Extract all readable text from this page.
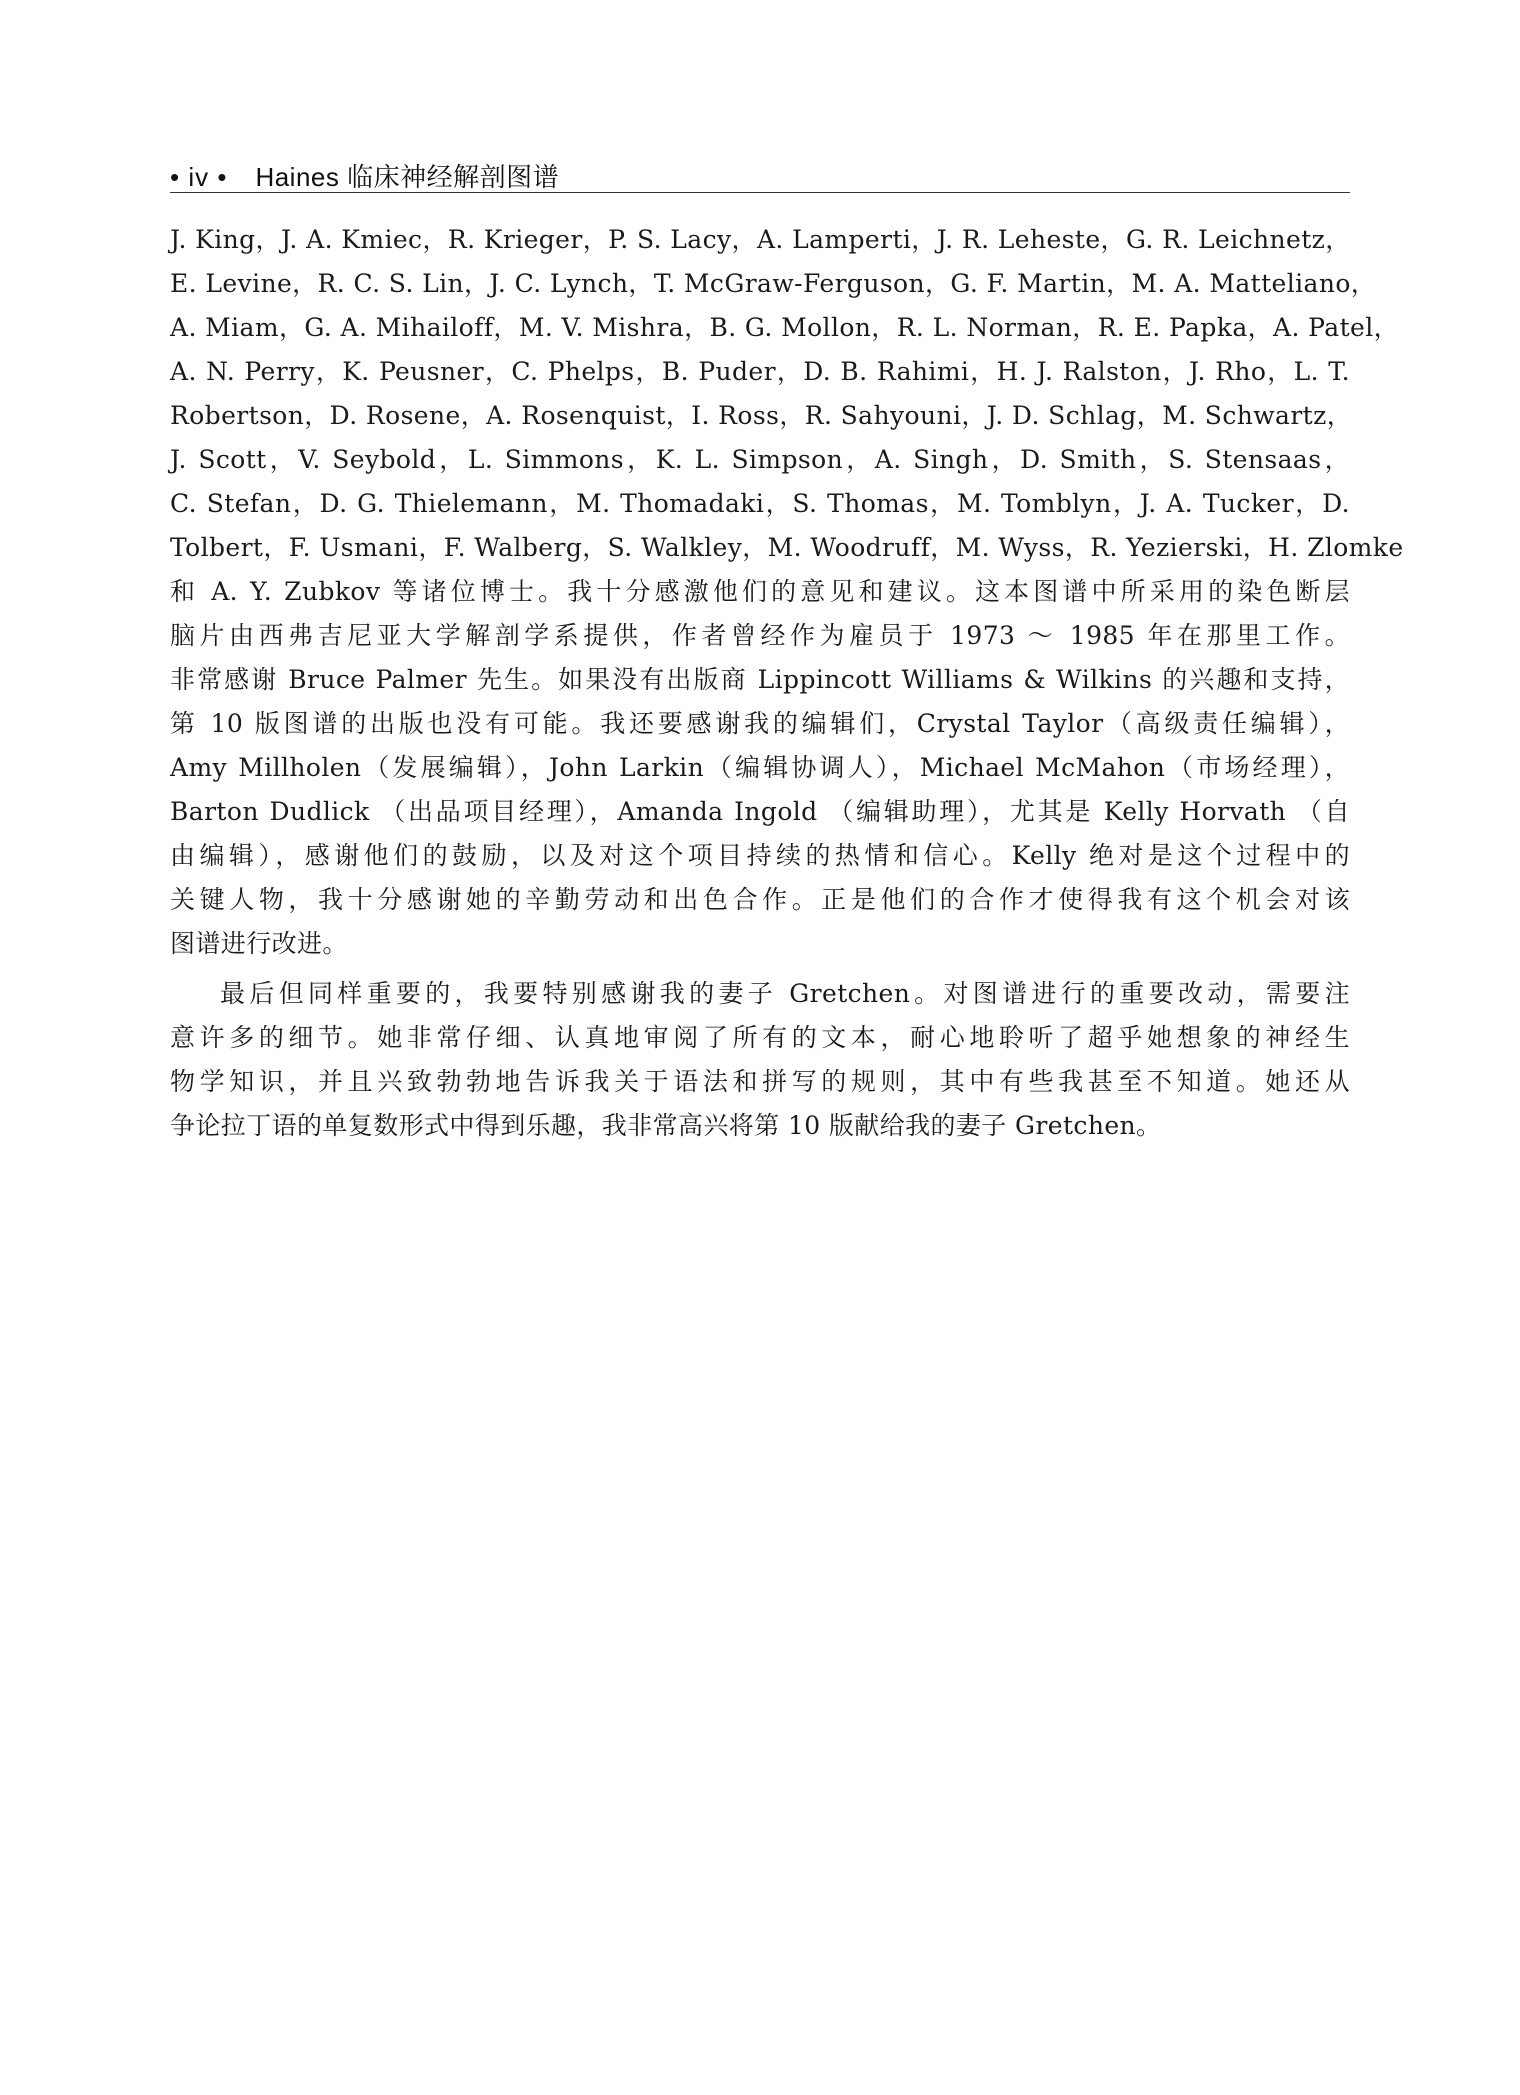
• iv • Haines 临床神经解剖图谱

J. King，J. A. Kmiec，R. Krieger，P. S. Lacy，A. Lamperti，J. R. Leheste，G. R. Leichnetz，
E. Levine，R. C. S. Lin，J. C. Lynch，T. McGraw-Ferguson，G. F. Martin，M. A. Matteliano，
A. Miam，G. A. Mihailoff，M. V. Mishra，B. G. Mollon，R. L. Norman，R. E. Papka，A. Patel，
A. N. Perry，K. Peusner，C. Phelps，B. Puder，D. B. Rahimi，H. J. Ralston，J. Rho，L. T.
Robertson，D. Rosene，A. Rosenquist，I. Ross，R. Sahyouni，J. D. Schlag，M. Schwartz，
J. Scott，V. Seybold，L. Simmons，K. L. Simpson，A. Singh，D. Smith，S. Stensaas，
C. Stefan，D. G. Thielemann，M. Thomadaki，S. Thomas，M. Tomblyn，J. A. Tucker，D.
Tolbert，F. Usmani，F. Walberg，S. Walkley，M. Woodruff，M. Wyss，R. Yezierski，H. Zlomke
和 A. Y. Zubkov 等诸位博士。我十分感激他们的意见和建议。这本图谱中所采用的染色断层
脑片由西弗吉尼亚大学解剖学系提供，作者曾经作为雇员于 1973 ～ 1985 年在那里工作。
非常感谢 Bruce Palmer 先生。如果没有出版商 Lippincott Williams & Wilkins 的兴趣和支持，
第 10 版图谱的出版也没有可能。我还要感谢我的编辑们，Crystal Taylor（高级责任编辑），
Amy Millholen（发展编辑），John Larkin（编辑协调人），Michael McMahon（市场经理），
Barton Dudlick （出品项目经理），Amanda Ingold （编辑助理），尤其是 Kelly Horvath （自
由编辑），感谢他们的鼓励，以及对这个项目持续的热情和信心。Kelly 绝对是这个过程中的
关键人物，我十分感谢她的辛勤劳动和出色合作。正是他们的合作才使得我有这个机会对该
图谱进行改进。

最后但同样重要的，我要特别感谢我的妻子 Gretchen。对图谱进行的重要改动，需要注
意许多的细节。她非常仔细、认真地审阅了所有的文本，耐心地聆听了超乎她想象的神经生
物学知识，并且兴致勃勃地告诉我关于语法和拼写的规则，其中有些我甚至不知道。她还从
争论拉丁语的单复数形式中得到乐趣，我非常高兴将第 10 版献给我的妻子 Gretchen。
